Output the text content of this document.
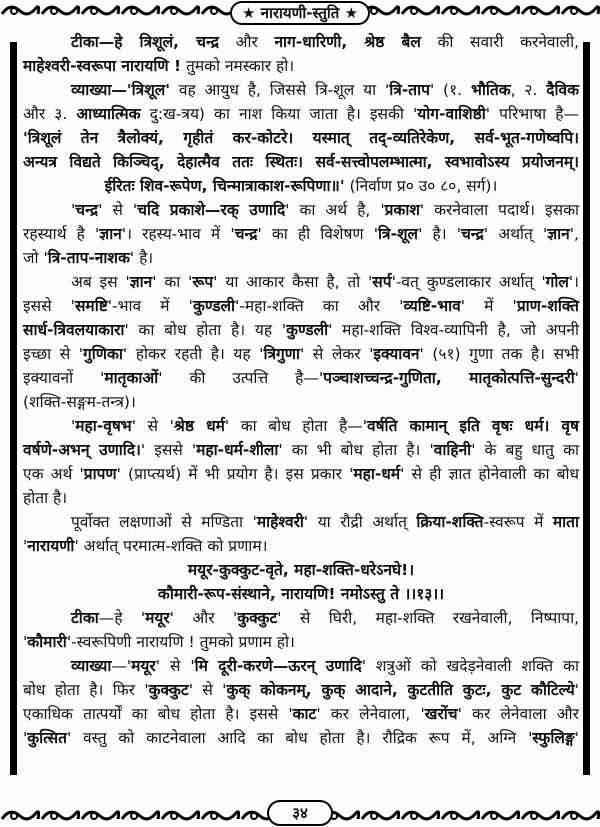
★ नारायणी-स्तुति ★
टीका—हे त्रिशूलं, चन्द्र और नाग-धारिणी, श्रेष्ठ बैल की सवारी करनेवाली,
माहेश्वरी-स्वरूपा नारायणि ! तुमको नमस्कार हो।
व्याख्या—'त्रिशूल' वह आयुध है, जिससे त्रि-शूल या 'त्रि-ताप' (१. भौतिक, २. दैविक
और ३. आध्यात्मिक दु:ख-त्रय) का नाश किया जाता है। इसकी 'योग-वाशिष्ठी' परिभाषा है—
'त्रिशूलं तेन त्रैलोक्यं, गृहीतं कर-कोटरे। यस्मात् तद्-व्यतिरेकेण, सर्व-भूत-गणेष्वपि।
अन्यत्र विद्यते किञ्चिद्, देहात्मैव ततः स्थितः। सर्व-सत्त्वोपलम्भात्मा, स्वभावोऽस्य प्रयोजनम्।
ईरितः शिव-रूपेण, चिन्मात्राकाश-रूपिणा॥' (निर्वाण प्र० उ० ८०, सर्ग)।
'चन्द्र' से 'चदि प्रकाशे—रक् उणादि' का अर्थ है, 'प्रकाश' करनेवाला पदार्थ। इसका
रहस्यार्थ है 'ज्ञान'। रहस्य-भाव में 'चन्द्र' का ही विशेषण 'त्रि-शूल' है। 'चन्द्र' अर्थात् 'ज्ञान',
जो 'त्रि-ताप-नाशक' है।
अब इस 'ज्ञान' का 'रूप' या आकार कैसा है, तो 'सर्प'-वत् कुण्डलाकार अर्थात् 'गोल'।
इससे 'समष्टि'-भाव में 'कुण्डली'-महा-शक्ति का और 'व्यष्टि-भाव' में 'प्राण-शक्ति
सार्ध-त्रिवलयाकारा' का बोध होता है। यह 'कुण्डली' महा-शक्ति विश्व-व्यापिनी है, जो अपनी
इच्छा से 'गुणिका' होकर रहती है। यह 'त्रिगुणा' से लेकर 'इक्यावन' (५१) गुणा तक है। सभी
इक्यावनों 'मातृकाओं' की उत्पत्ति है—'पञ्चाशच्चन्द्र-गुणिता, मातृकोत्पत्ति-सुन्दरी'
(शक्ति-सङ्गम-तन्त्र)।
'महा-वृषभ' से 'श्रेष्ठ धर्म' का बोध होता है—'वर्षति कामान् इति वृषः धर्म। वृष
वर्षणे-अभन् उणादि।' इससे 'महा-धर्म-शीला' का भी बोध होता है। 'वाहिनी' के बहु धातु का
एक अर्थ 'प्रापण' (प्राप्त्यर्थ) में भी प्रयोग है। इस प्रकार 'महा-धर्म' से ही ज्ञात होनेवाली का बोध
होता है।
पूर्वोक्त लक्षणाओं से मण्डिता 'माहेश्वरी' या रौद्री अर्थात् क्रिया-शक्ति-स्वरूप में माता
'नारायणी' अर्थात् परमात्म-शक्ति को प्रणाम।
मयूर-कुक्कुट-वृते, महा-शक्ति-धरेऽनघे!।
कौमारी-रूप-संस्थाने, नारायणि! नमोऽस्तु ते ।।१३।।
टीका—हे 'मयूर' और 'कुक्कुट' से घिरी, महा-शक्ति रखनेवाली, निष्पापा,
'कौमारी'-स्वरूपिणी नारायणि ! तुमको प्रणाम हो।
व्याख्या—'मयूर' से 'मि दूरी-करणे—ऊरन् उणादि' शत्रुओं को खदेड़नेवाली शक्ति का
बोध होता है। फिर 'कुक्कुट' से 'कुक् कोकनम्, कुक् आदाने, कुटतीति कुटः, कुट कौटिल्ये'
एकाधिक तात्पर्यों का बोध होता है। इससे 'काट' कर लेनेवाला, 'खरोंच' कर लेनेवाला और
'कुत्सित' वस्तु को काटनेवाला आदि का बोध होता है। रौद्रिक रूप में, अग्नि 'स्फुलिङ्ग'
३४
